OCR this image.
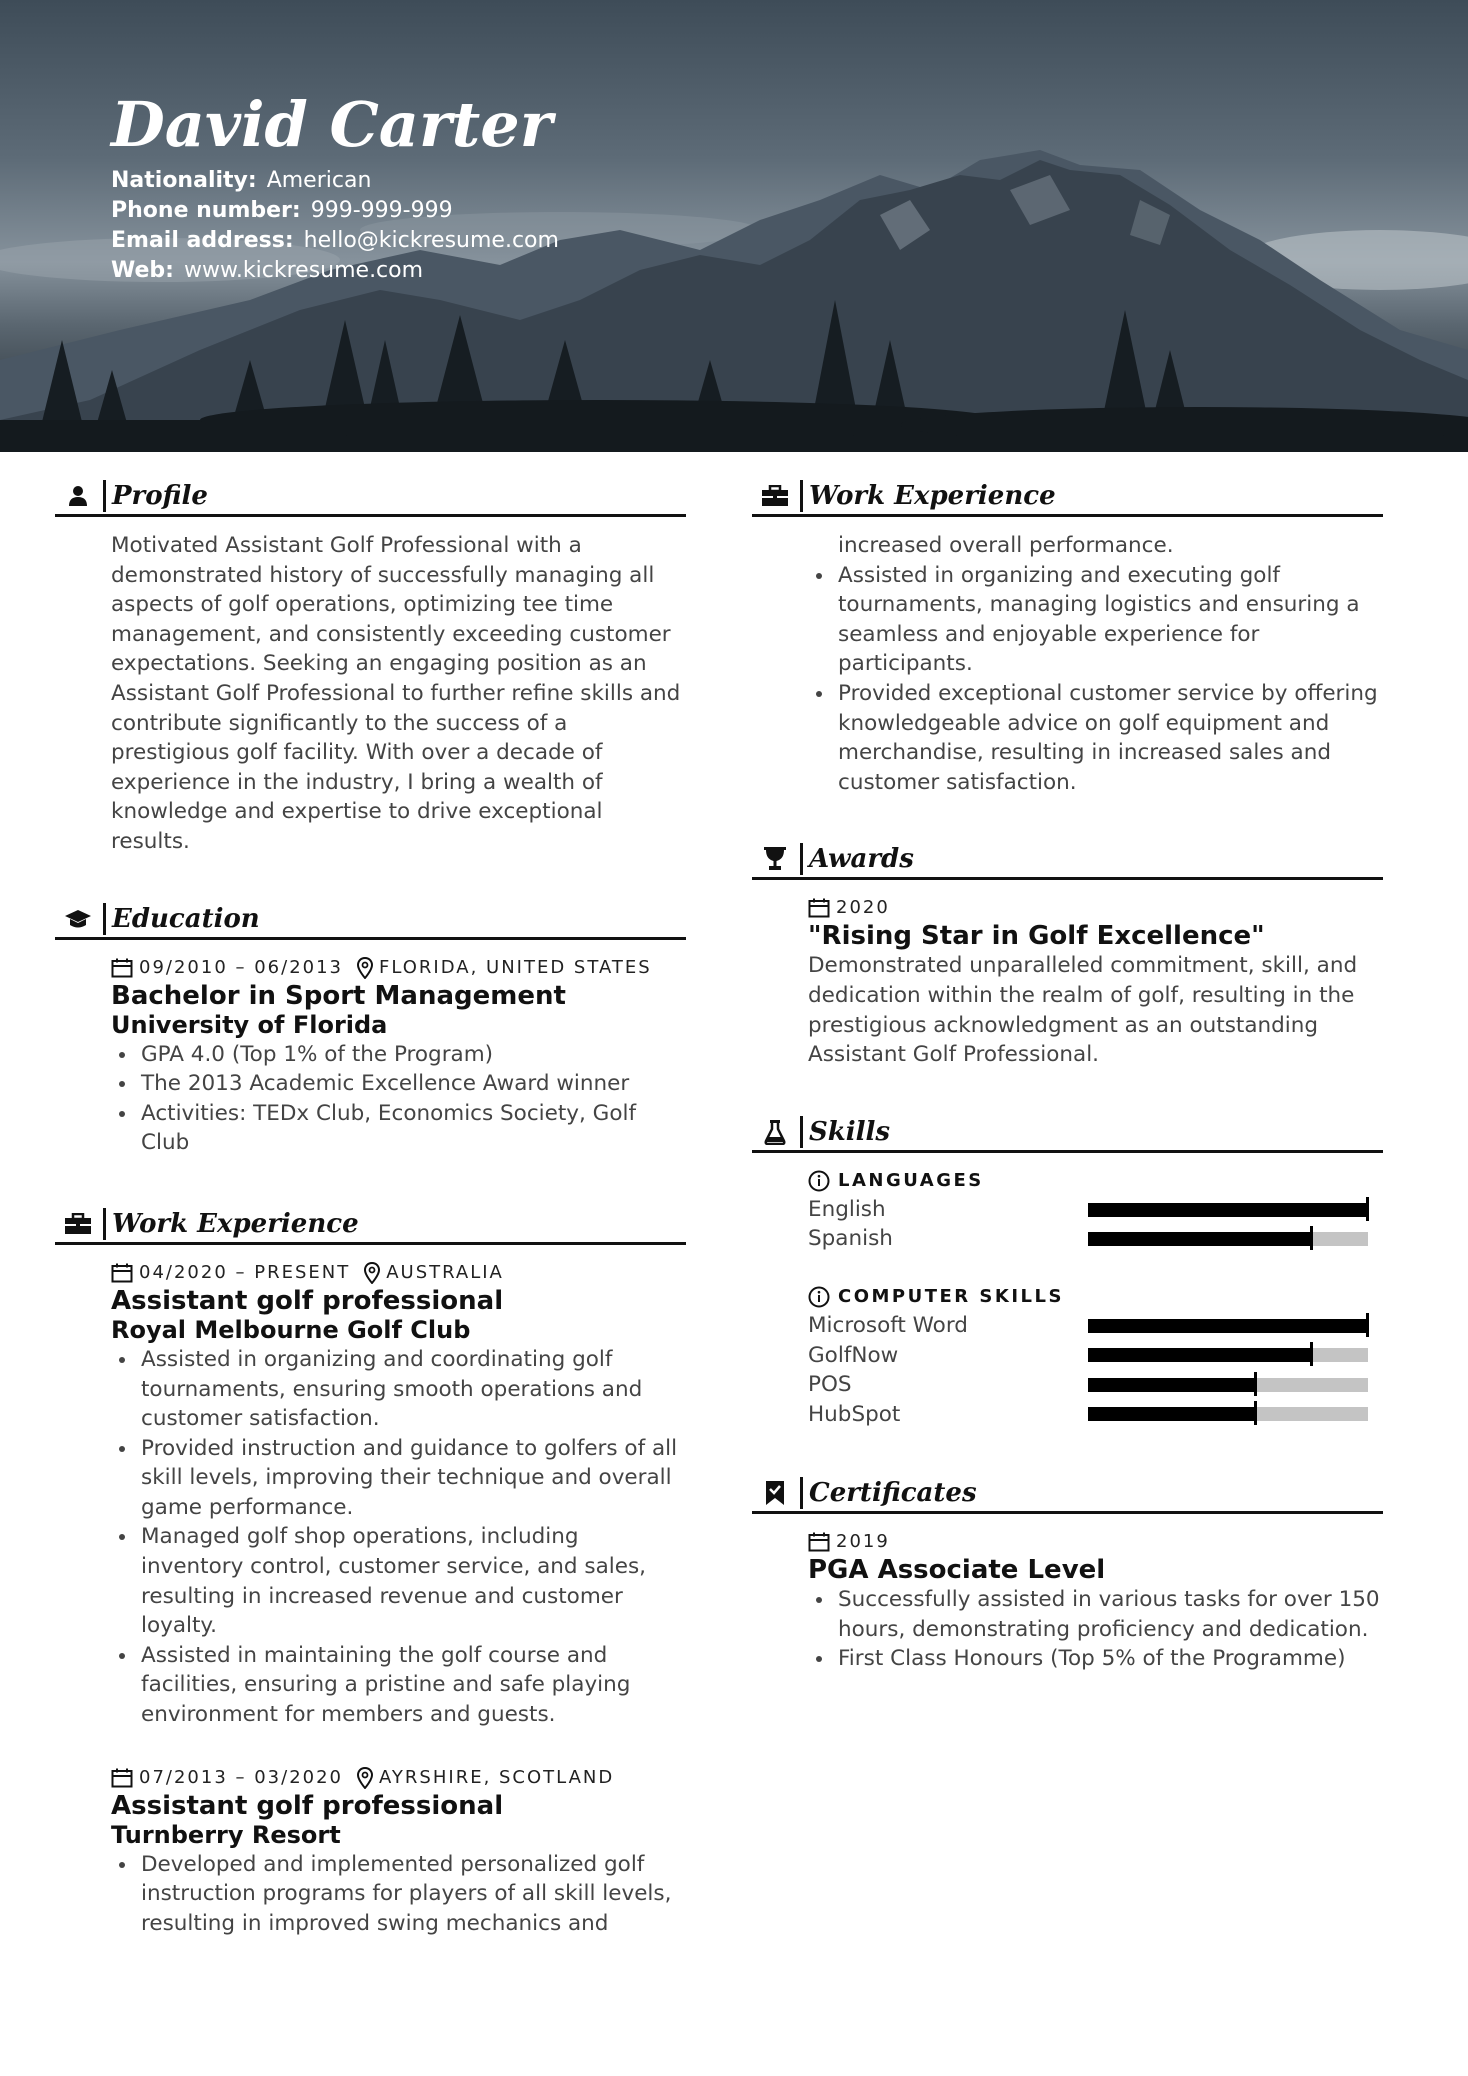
David Carter
Nationality: American
Phone number: 999-999-999
Email address: hello@kickresume.com
Web: www.kickresume.com
Profile
Motivated Assistant Golf Professional with a demonstrated history of successfully managing all aspects of golf operations, optimizing tee time management, and consistently exceeding customer expectations. Seeking an engaging position as an Assistant Golf Professional to further refine skills and contribute significantly to the success of a prestigious golf facility. With over a decade of experience in the industry, I bring a wealth of knowledge and expertise to drive exceptional results.
Education
09/2010 – 06/2013 FLORIDA, UNITED STATES
Bachelor in Sport Management
University of Florida
GPA 4.0 (Top 1% of the Program)
The 2013 Academic Excellence Award winner
Activities: TEDx Club, Economics Society, Golf Club
Work Experience
04/2020 – PRESENT AUSTRALIA
Assistant golf professional
Royal Melbourne Golf Club
Assisted in organizing and coordinating golf tournaments, ensuring smooth operations and customer satisfaction.
Provided instruction and guidance to golfers of all skill levels, improving their technique and overall game performance.
Managed golf shop operations, including inventory control, customer service, and sales, resulting in increased revenue and customer loyalty.
Assisted in maintaining the golf course and facilities, ensuring a pristine and safe playing environment for members and guests.
07/2013 – 03/2020 AYRSHIRE, SCOTLAND
Assistant golf professional
Turnberry Resort
Developed and implemented personalized golf instruction programs for players of all skill levels, resulting in improved swing mechanics and
Work Experience
increased overall performance.
Assisted in organizing and executing golf tournaments, managing logistics and ensuring a seamless and enjoyable experience for participants.
Provided exceptional customer service by offering knowledgeable advice on golf equipment and merchandise, resulting in increased sales and customer satisfaction.
Awards
2020
"Rising Star in Golf Excellence"
Demonstrated unparalleled commitment, skill, and dedication within the realm of golf, resulting in the prestigious acknowledgment as an outstanding Assistant Golf Professional.
Skills
LANGUAGES
English
Spanish
COMPUTER SKILLS
Microsoft Word
GolfNow
POS
HubSpot
Certificates
2019
PGA Associate Level
Successfully assisted in various tasks for over 150 hours, demonstrating proficiency and dedication.
First Class Honours (Top 5% of the Programme)
